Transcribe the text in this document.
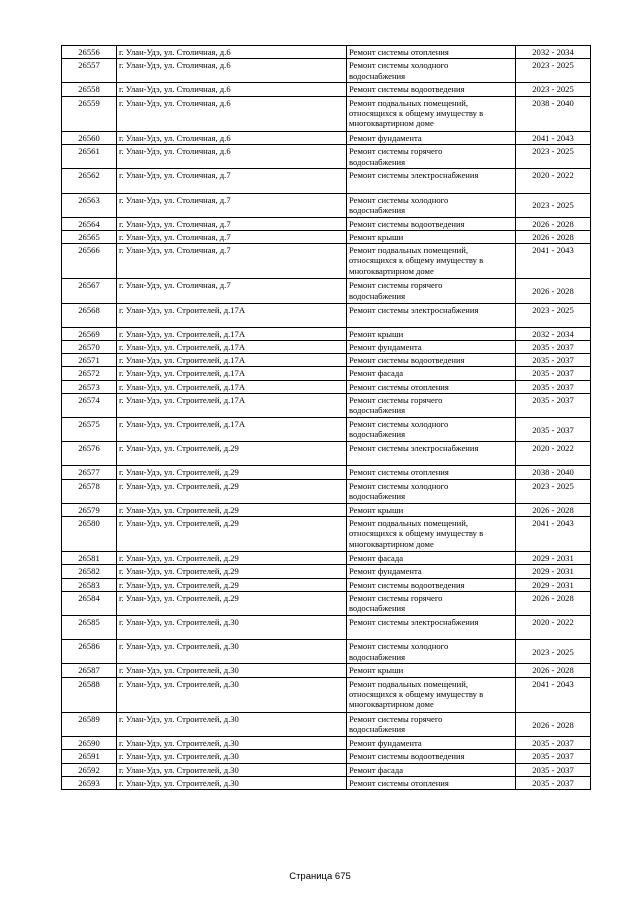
26556	г. Улан-Удэ, ул. Столичная, д.6	Ремонт системы отопления	2032 - 2034
26557	г. Улан-Удэ, ул. Столичная, д.6	Ремонт системы холодного
водоснабжения	2023 - 2025
26558	г. Улан-Удэ, ул. Столичная, д.6	Ремонт системы водоотведения	2023 - 2025
26559	г. Улан-Удэ, ул. Столичная, д.6	Ремонт подвальных помещений,
относящихся к общему имуществу в
многоквартирном доме	2038 - 2040
26560	г. Улан-Удэ, ул. Столичная, д.6	Ремонт фундамента	2041 - 2043
26561	г. Улан-Удэ, ул. Столичная, д.6	Ремонт системы горячего
водоснабжения	2023 - 2025
26562	г. Улан-Удэ, ул. Столичная, д.7	Ремонт системы электроснабжения	2020 - 2022
26563	г. Улан-Удэ, ул. Столичная, д.7	Ремонт системы холодного
водоснабжения	2023 - 2025
26564	г. Улан-Удэ, ул. Столичная, д.7	Ремонт системы водоотведения	2026 - 2028
26565	г. Улан-Удэ, ул. Столичная, д.7	Ремонт крыши	2026 - 2028
26566	г. Улан-Удэ, ул. Столичная, д.7	Ремонт подвальных помещений,
относящихся к общему имуществу в
многоквартирном доме	2041 - 2043
26567	г. Улан-Удэ, ул. Столичная, д.7	Ремонт системы горячего
водоснабжения	2026 - 2028
26568	г. Улан-Удэ, ул. Строителей, д.17А	Ремонт системы электроснабжения	2023 - 2025
26569	г. Улан-Удэ, ул. Строителей, д.17А	Ремонт крыши	2032 - 2034
26570	г. Улан-Удэ, ул. Строителей, д.17А	Ремонт фундамента	2035 - 2037
26571	г. Улан-Удэ, ул. Строителей, д.17А	Ремонт системы водоотведения	2035 - 2037
26572	г. Улан-Удэ, ул. Строителей, д.17А	Ремонт фасада	2035 - 2037
26573	г. Улан-Удэ, ул. Строителей, д.17А	Ремонт системы отопления	2035 - 2037
26574	г. Улан-Удэ, ул. Строителей, д.17А	Ремонт системы горячего
водоснабжения	2035 - 2037
26575	г. Улан-Удэ, ул. Строителей, д.17А	Ремонт системы холодного
водоснабжения	2035 - 2037
26576	г. Улан-Удэ, ул. Строителей, д.29	Ремонт системы электроснабжения	2020 - 2022
26577	г. Улан-Удэ, ул. Строителей, д.29	Ремонт системы отопления	2038 - 2040
26578	г. Улан-Удэ, ул. Строителей, д.29	Ремонт системы холодного
водоснабжения	2023 - 2025
26579	г. Улан-Удэ, ул. Строителей, д.29	Ремонт крыши	2026 - 2028
26580	г. Улан-Удэ, ул. Строителей, д.29	Ремонт подвальных помещений,
относящихся к общему имуществу в
многоквартирном доме	2041 - 2043
26581	г. Улан-Удэ, ул. Строителей, д.29	Ремонт фасада	2029 - 2031
26582	г. Улан-Удэ, ул. Строителей, д.29	Ремонт фундамента	2029 - 2031
26583	г. Улан-Удэ, ул. Строителей, д.29	Ремонт системы водоотведения	2029 - 2031
26584	г. Улан-Удэ, ул. Строителей, д.29	Ремонт системы горячего
водоснабжения	2026 - 2028
26585	г. Улан-Удэ, ул. Строителей, д.30	Ремонт системы электроснабжения	2020 - 2022
26586	г. Улан-Удэ, ул. Строителей, д.30	Ремонт системы холодного
водоснабжения	2023 - 2025
26587	г. Улан-Удэ, ул. Строителей, д.30	Ремонт крыши	2026 - 2028
26588	г. Улан-Удэ, ул. Строителей, д.30	Ремонт подвальных помещений,
относящихся к общему имуществу в
многоквартирном доме	2041 - 2043
26589	г. Улан-Удэ, ул. Строителей, д.30	Ремонт системы горячего
водоснабжения	2026 - 2028
26590	г. Улан-Удэ, ул. Строителей, д.30	Ремонт фундамента	2035 - 2037
26591	г. Улан-Удэ, ул. Строителей, д.30	Ремонт системы водоотведения	2035 - 2037
26592	г. Улан-Удэ, ул. Строителей, д.30	Ремонт фасада	2035 - 2037
26593	г. Улан-Удэ, ул. Строителей, д.30	Ремонт системы отопления	2035 - 2037
Страница 675
